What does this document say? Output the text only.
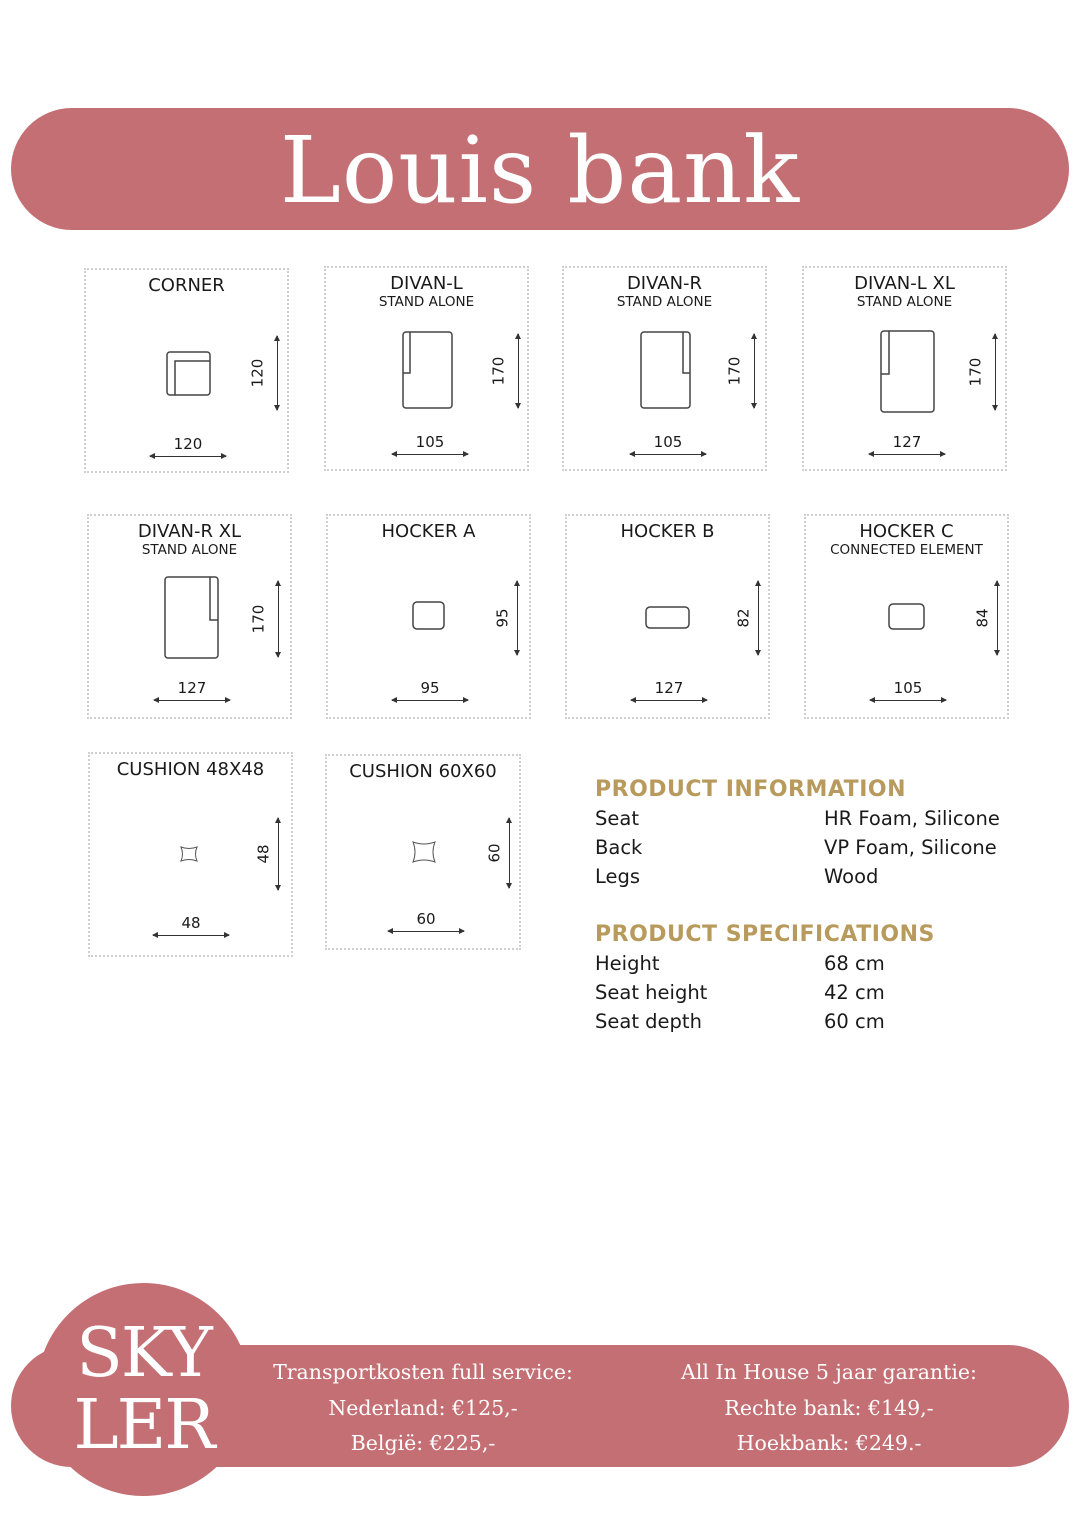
Louis bank
CORNER
120
120
DIVAN-L
STAND ALONE
170
105
DIVAN-R
STAND ALONE
170
105
DIVAN-L XL
STAND ALONE
170
127
DIVAN-R XL
STAND ALONE
170
127
HOCKER A
95
95
HOCKER B
82
127
HOCKER C
CONNECTED ELEMENT
84
105
CUSHION 48X48
48
48
CUSHION 60X60
60
60
PRODUCT INFORMATION
Seat	HR Foam, Silicone
Back	VP Foam, Silicone
Legs	Wood
PRODUCT SPECIFICATIONS
Height	68 cm
Seat height	42 cm
Seat depth	60 cm
SKY
LER
Transportkosten full service:
Nederland: €125,-
België: €225,-
All In House 5 jaar garantie:
Rechte bank: €149,-
Hoekbank: €249.-
